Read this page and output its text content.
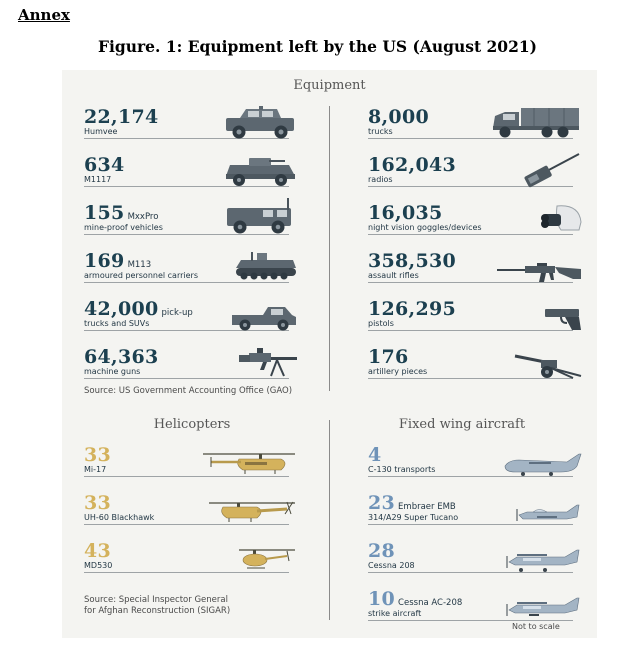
Annex
Figure. 1: Equipment left by the US (August 2021)
Equipment
22,174
Humvee
634
M1117
155 MxxPro
mine-proof vehicles
169 M113
armoured personnel carriers
42,000 pick-up
trucks and SUVs
64,363
machine guns
8,000
trucks
162,043
radios
16,035
night vision goggles/devices
358,530
assault rifles
126,295
pistols
176
artillery pieces
Source: US Government Accounting Office (GAO)
Helicopters	Fixed wing aircraft
33
Mi-17
33
UH-60 Blackhawk
43
MD530
4
C-130 transports
23 Embraer EMB
314/A29 Super Tucano
28
Cessna 208
10 Cessna AC-208
strike aircraft
Source: Special Inspector General
for Afghan Reconstruction (SIGAR)
Not to scale
